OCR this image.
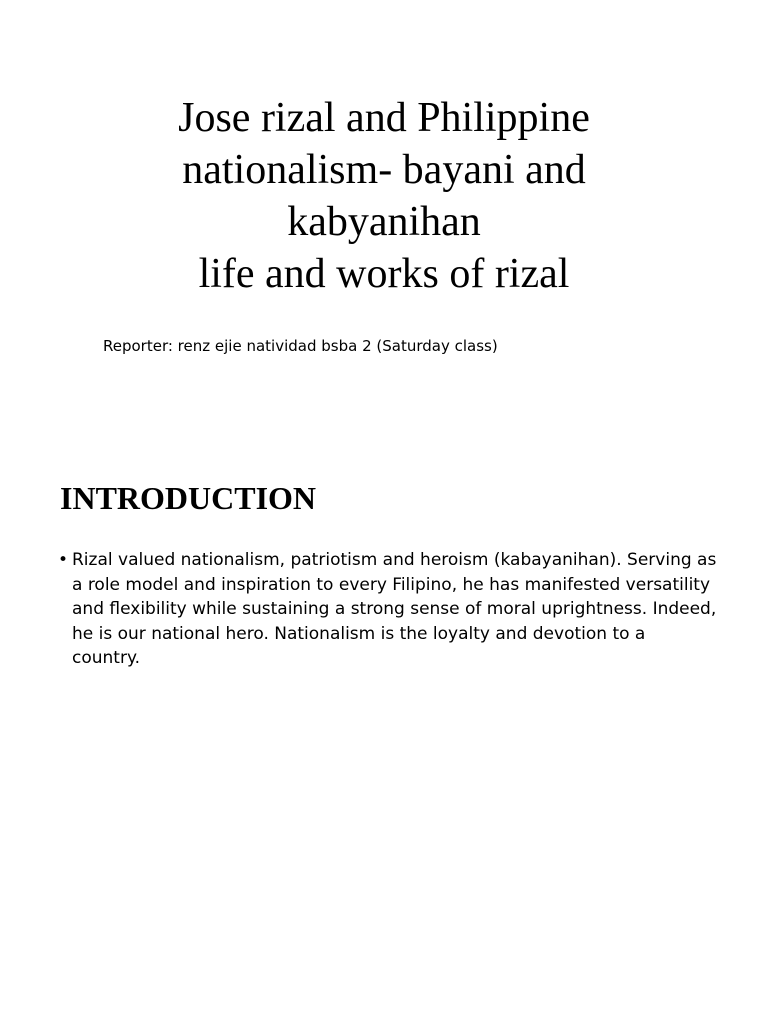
Jose rizal and Philippine
nationalism- bayani and
kabyanihan
life and works of rizal

Reporter: renz ejie natividad bsba 2 (Saturday class)

INTRODUCTION
• Rizal valued nationalism, patriotism and heroism (kabayanihan). Serving as a role model and inspiration to every Filipino, he has manifested versatility and flexibility while sustaining a strong sense of moral uprightness. Indeed, he is our national hero. Nationalism is the loyalty and devotion to a country.
